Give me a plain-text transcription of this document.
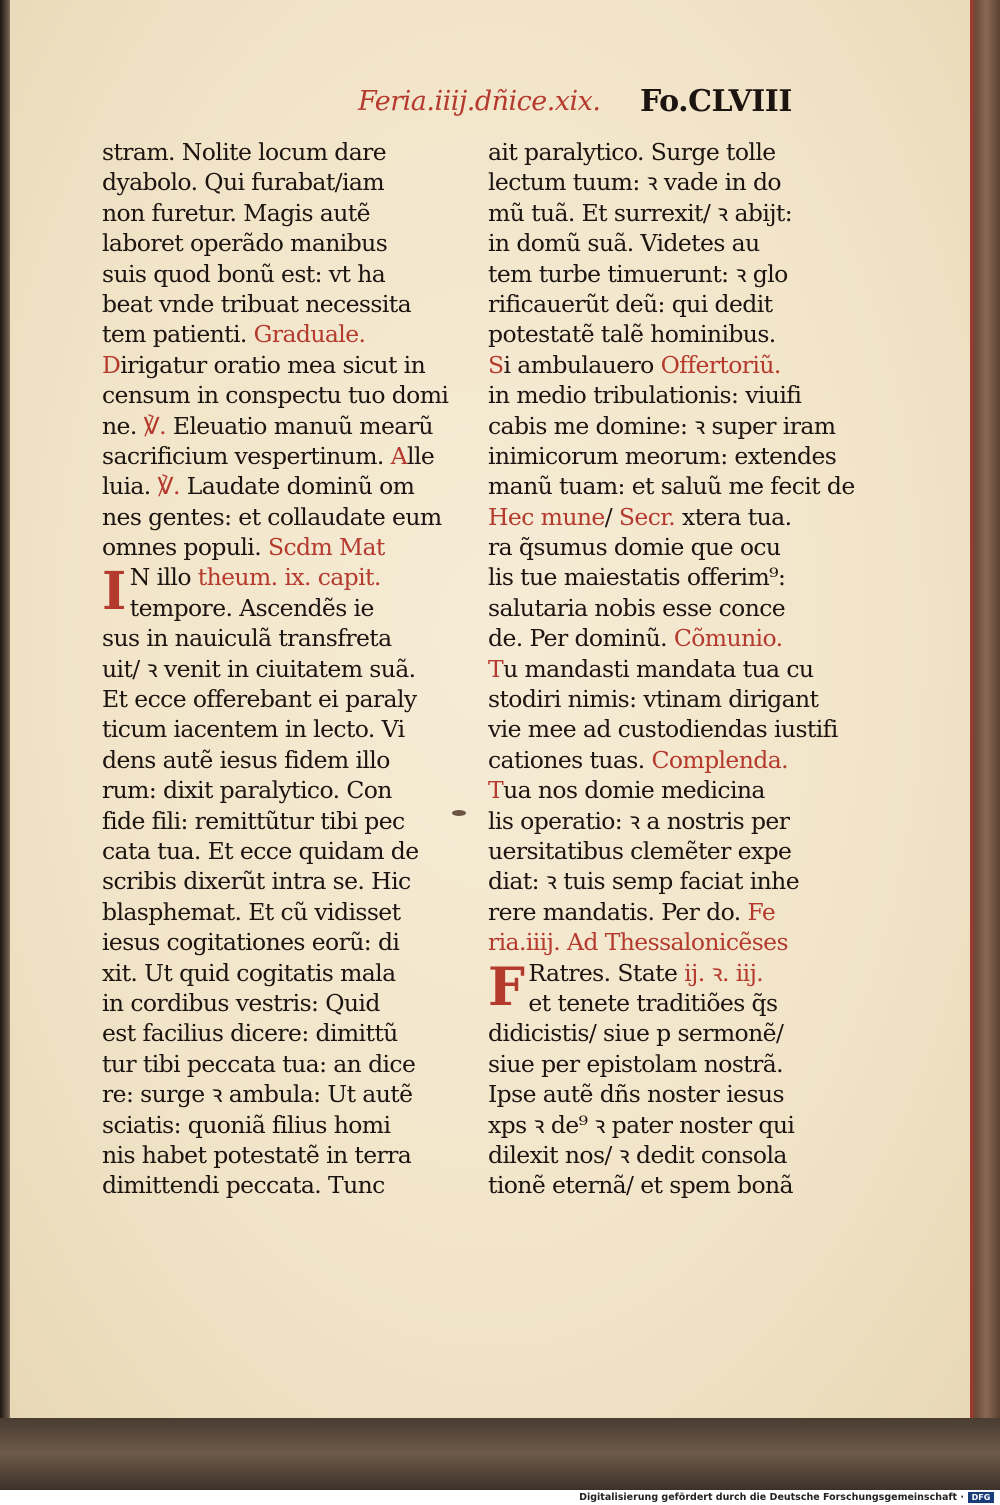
Feria.iiij.dñice.xix. Fo.CLVIII
stram. Nolite locum dare
dyabolo. Qui furabat/iam
non furetur. Magis autẽ
laboret operãdo manibus
suis quod bonũ est: vt ha
beat vnde tribuat necessita
tem patienti. Graduale.
Dirigatur oratio mea sicut in
censum in conspectu tuo domi
ne. ℣. Eleuatio manuũ mearũ
sacrificium vespertinum. Alle
luia. ℣. Laudate dominũ om
nes gentes: et collaudate eum
omnes populi. Scdm Mat
I N illo theum. ix. capit.
tempore. Ascendẽs ie
sus in nauiculã transfreta
uit/ ꝛ venit in ciuitatem suã.
Et ecce offerebant ei paraly
ticum iacentem in lecto. Vi
dens autẽ iesus fidem illo
rum: dixit paralytico. Con
fide fili: remittũtur tibi pec
cata tua. Et ecce quidam de
scribis dixerũt intra se. Hic
blasphemat. Et cũ vidisset
iesus cogitationes eorũ: di
xit. Ut quid cogitatis mala
in cordibus vestris: Quid
est facilius dicere: dimittũ
tur tibi peccata tua: an dice
re: surge ꝛ ambula: Ut autẽ
sciatis: quoniã filius homi
nis habet potestatẽ in terra
dimittendi peccata. Tunc
ait paralytico. Surge tolle
lectum tuum: ꝛ vade in do
mũ tuã. Et surrexit/ ꝛ abijt:
in domũ suã. Videtes au
tem turbe timuerunt: ꝛ glo
rificauerũt deũ: qui dedit
potestatẽ talẽ hominibus.
Si ambulauero Offertoriũ.
in medio tribulationis: viuifi
cabis me domine: ꝛ super iram
inimicorum meorum: extendes
manũ tuam: et saluũ me fecit de
Hec mune/ Secr. xtera tua.
ra q̃sumus domie que ocu
lis tue maiestatis offerim⁹:
salutaria nobis esse conce
de. Per dominũ. Cõmunio.
Tu mandasti mandata tua cu
stodiri nimis: vtinam dirigant
vie mee ad custodiendas iustifi
cationes tuas. Complenda.
Tua nos domie medicina
lis operatio: ꝛ a nostris per
uersitatibus clemẽter expe
diat: ꝛ tuis semp faciat inhe
rere mandatis. Per do. Fe
ria.iiij. Ad Thessalonicẽses
F Ratres. State ij. ꝛ. iij.
et tenete traditiões q̃s
didicistis/ siue p sermonẽ/
siue per epistolam nostrã.
Ipse autẽ dñs noster iesus
xps ꝛ de⁹ ꝛ pater noster qui
dilexit nos/ ꝛ dedit consola
tionẽ eternã/ et spem bonã
Digitalisierung gefördert durch die Deutsche Forschungsgemeinschaft · DFG
